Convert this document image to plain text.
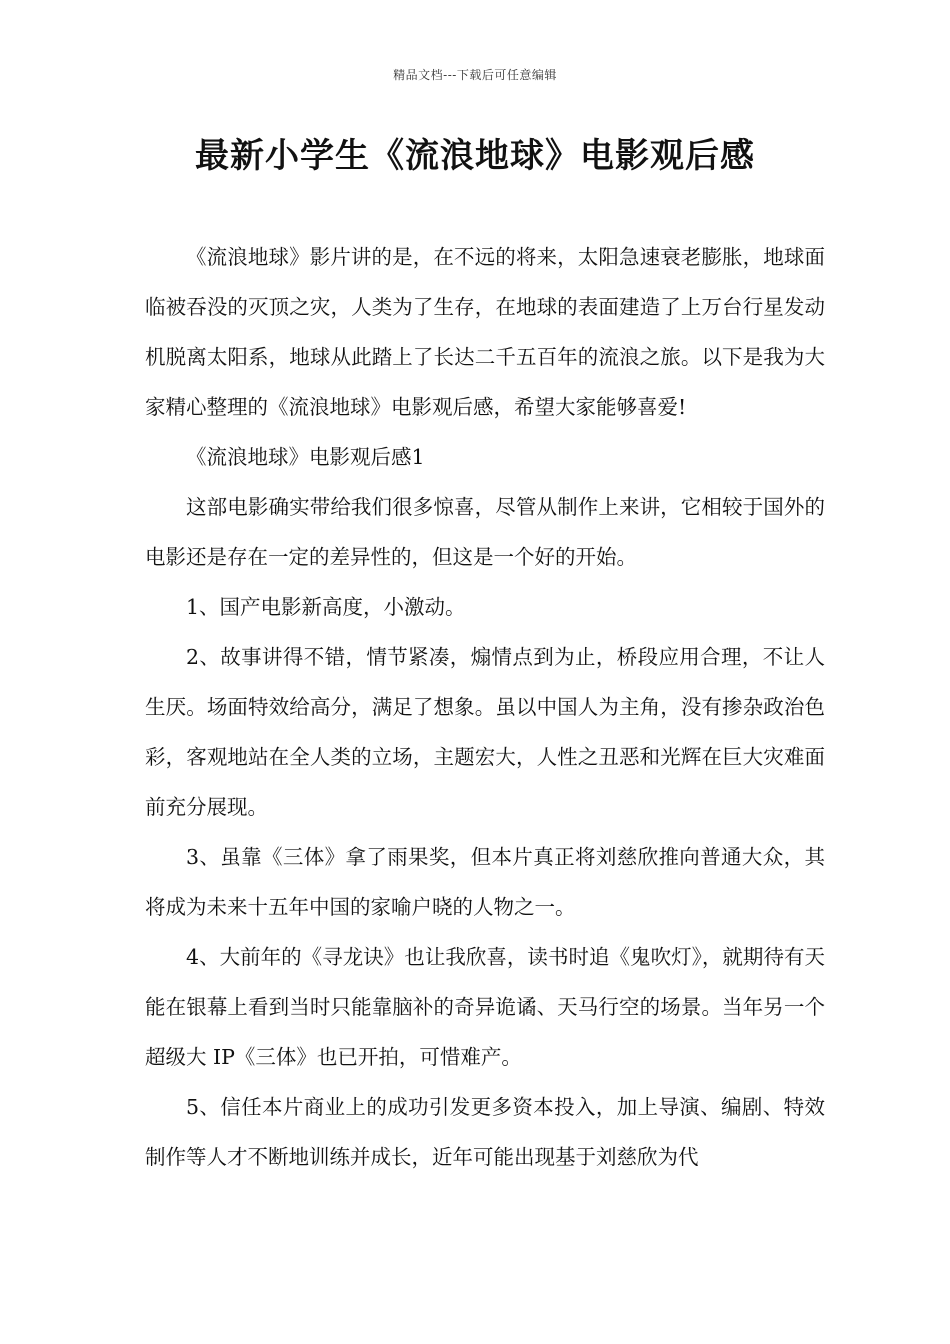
精品文档---下载后可任意编辑
最新小学生《流浪地球》电影观后感

《流浪地球》影片讲的是，在不远的将来，太阳急速衰老膨胀，地球面临被吞没的灭顶之灾，人类为了生存，在地球的表面建造了上万台行星发动机脱离太阳系，地球从此踏上了长达二千五百年的流浪之旅。以下是我为大家精心整理的《流浪地球》电影观后感，希望大家能够喜爱!

《流浪地球》电影观后感1

这部电影确实带给我们很多惊喜，尽管从制作上来讲，它相较于国外的电影还是存在一定的差异性的，但这是一个好的开始。

1、国产电影新高度，小激动。

2、故事讲得不错，情节紧凑，煽情点到为止，桥段应用合理，不让人生厌。场面特效给高分，满足了想象。虽以中国人为主角，没有掺杂政治色彩，客观地站在全人类的立场，主题宏大，人性之丑恶和光辉在巨大灾难面前充分展现。

3、虽靠《三体》拿了雨果奖，但本片真正将刘慈欣推向普通大众，其将成为未来十五年中国的家喻户晓的人物之一。

4、大前年的《寻龙诀》也让我欣喜，读书时追《鬼吹灯》，就期待有天能在银幕上看到当时只能靠脑补的奇异诡谲、天马行空的场景。当年另一个超级大 IP《三体》也已开拍，可惜难产。

5、信任本片商业上的成功引发更多资本投入，加上导演、编剧、特效制作等人才不断地训练并成长，近年可能出现基于刘慈欣为代
